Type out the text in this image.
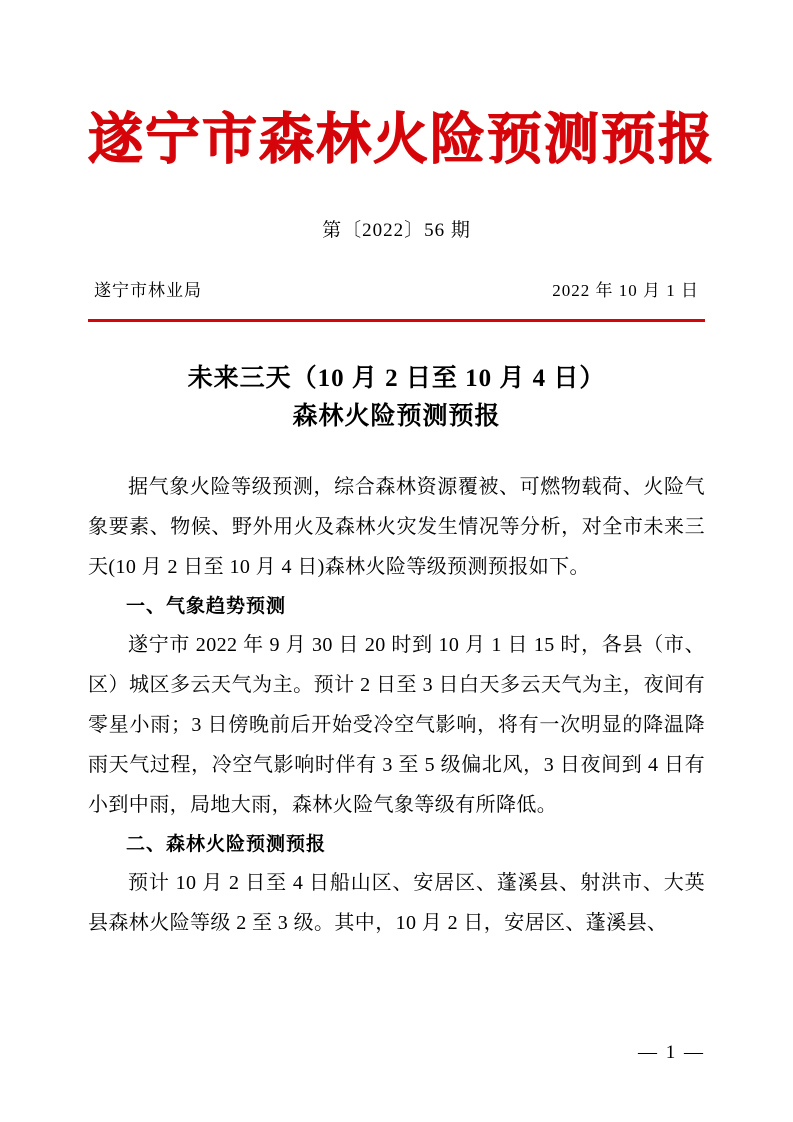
遂宁市森林火险预测预报
第〔2022〕56 期
遂宁市林业局	2022 年 10 月 1 日
未来三天（10 月 2 日至 10 月 4 日）
森林火险预测预报

据气象火险等级预测，综合森林资源覆被、可燃物载荷、火险气象要素、物候、野外用火及森林火灾发生情况等分析，对全市未来三天(10 月 2 日至 10 月 4 日)森林火险等级预测预报如下。

一、气象趋势预测

遂宁市 2022 年 9 月 30 日 20 时到 10 月 1 日 15 时，各县（市、区）城区多云天气为主。预计 2 日至 3 日白天多云天气为主，夜间有零星小雨；3 日傍晚前后开始受冷空气影响，将有一次明显的降温降雨天气过程，冷空气影响时伴有 3 至 5 级偏北风，3 日夜间到 4 日有小到中雨，局地大雨，森林火险气象等级有所降低。

二、森林火险预测预报

预计 10 月 2 日至 4 日船山区、安居区、蓬溪县、射洪市、大英县森林火险等级 2 至 3 级。其中，10 月 2 日，安居区、蓬溪县、

— 1 —
